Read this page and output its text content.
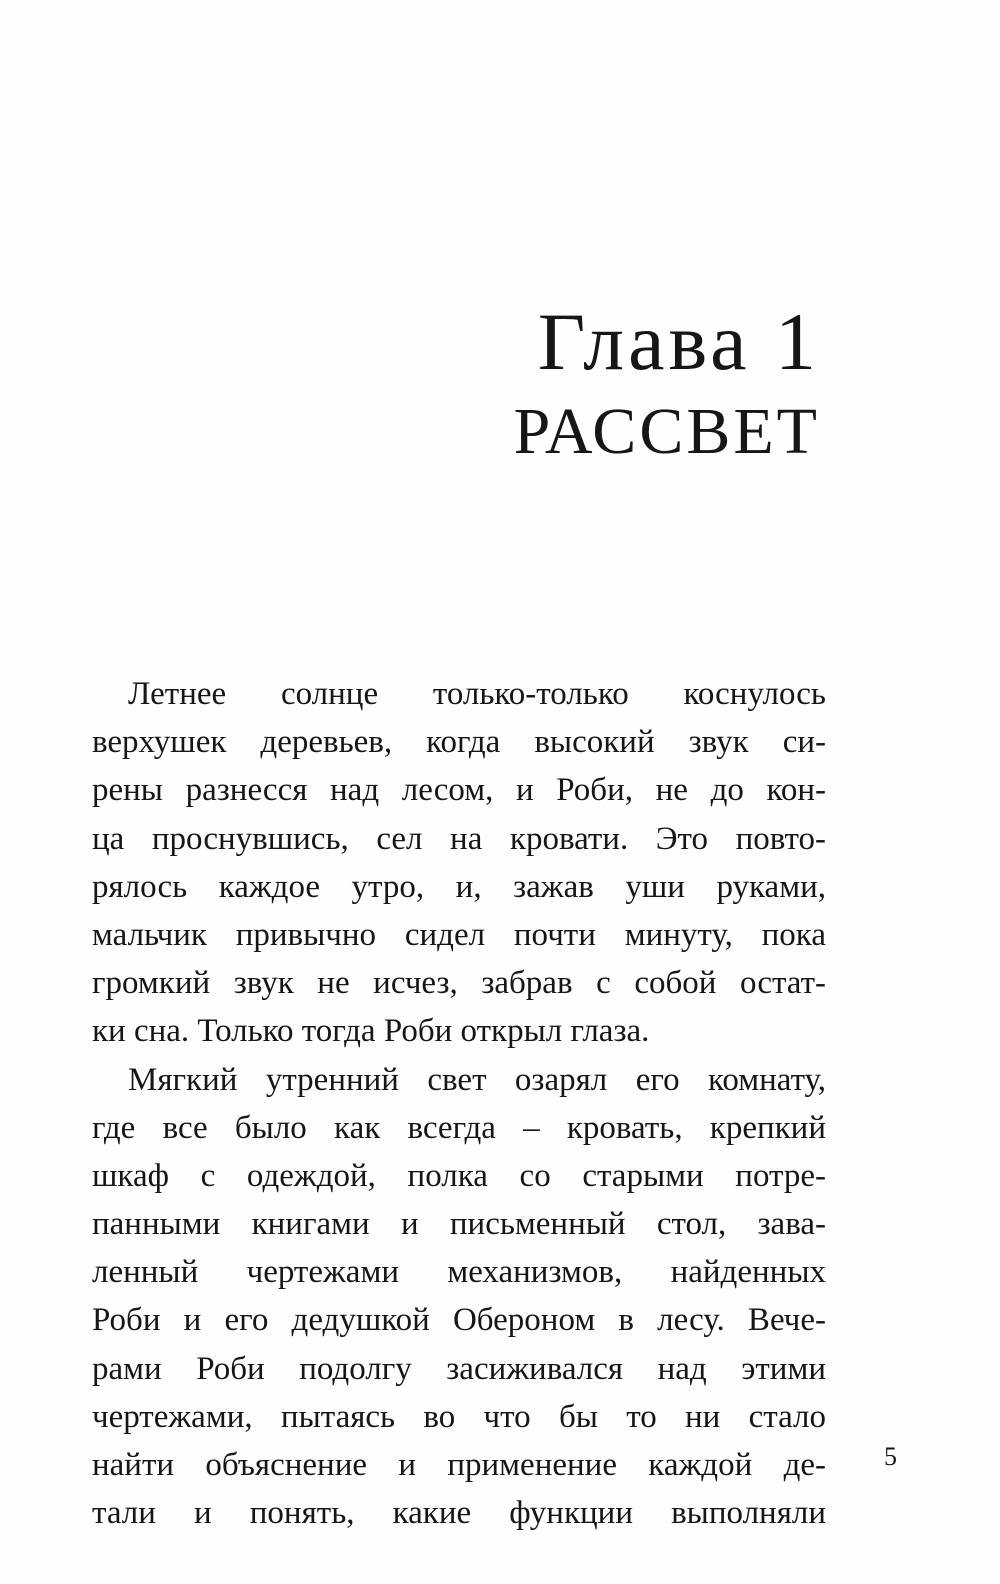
Глава 1
РАССВЕТ
Летнее солнце только-только коснулось
верхушек деревьев, когда высокий звук си-
рены разнесся над лесом, и Роби, не до кон-
ца проснувшись, сел на кровати. Это повто-
рялось каждое утро, и, зажав уши руками,
мальчик привычно сидел почти минуту, пока
громкий звук не исчез, забрав с собой остат-
ки сна. Только тогда Роби открыл глаза.
Мягкий утренний свет озарял его комнату,
где все было как всегда – кровать, крепкий
шкаф с одеждой, полка со старыми потре-
панными книгами и письменный стол, зава-
ленный чертежами механизмов, найденных
Роби и его дедушкой Обероном в лесу. Вече-
рами Роби подолгу засиживался над этими
чертежами, пытаясь во что бы то ни стало
найти объяснение и применение каждой де-
тали и понять, какие функции выполняли
5
